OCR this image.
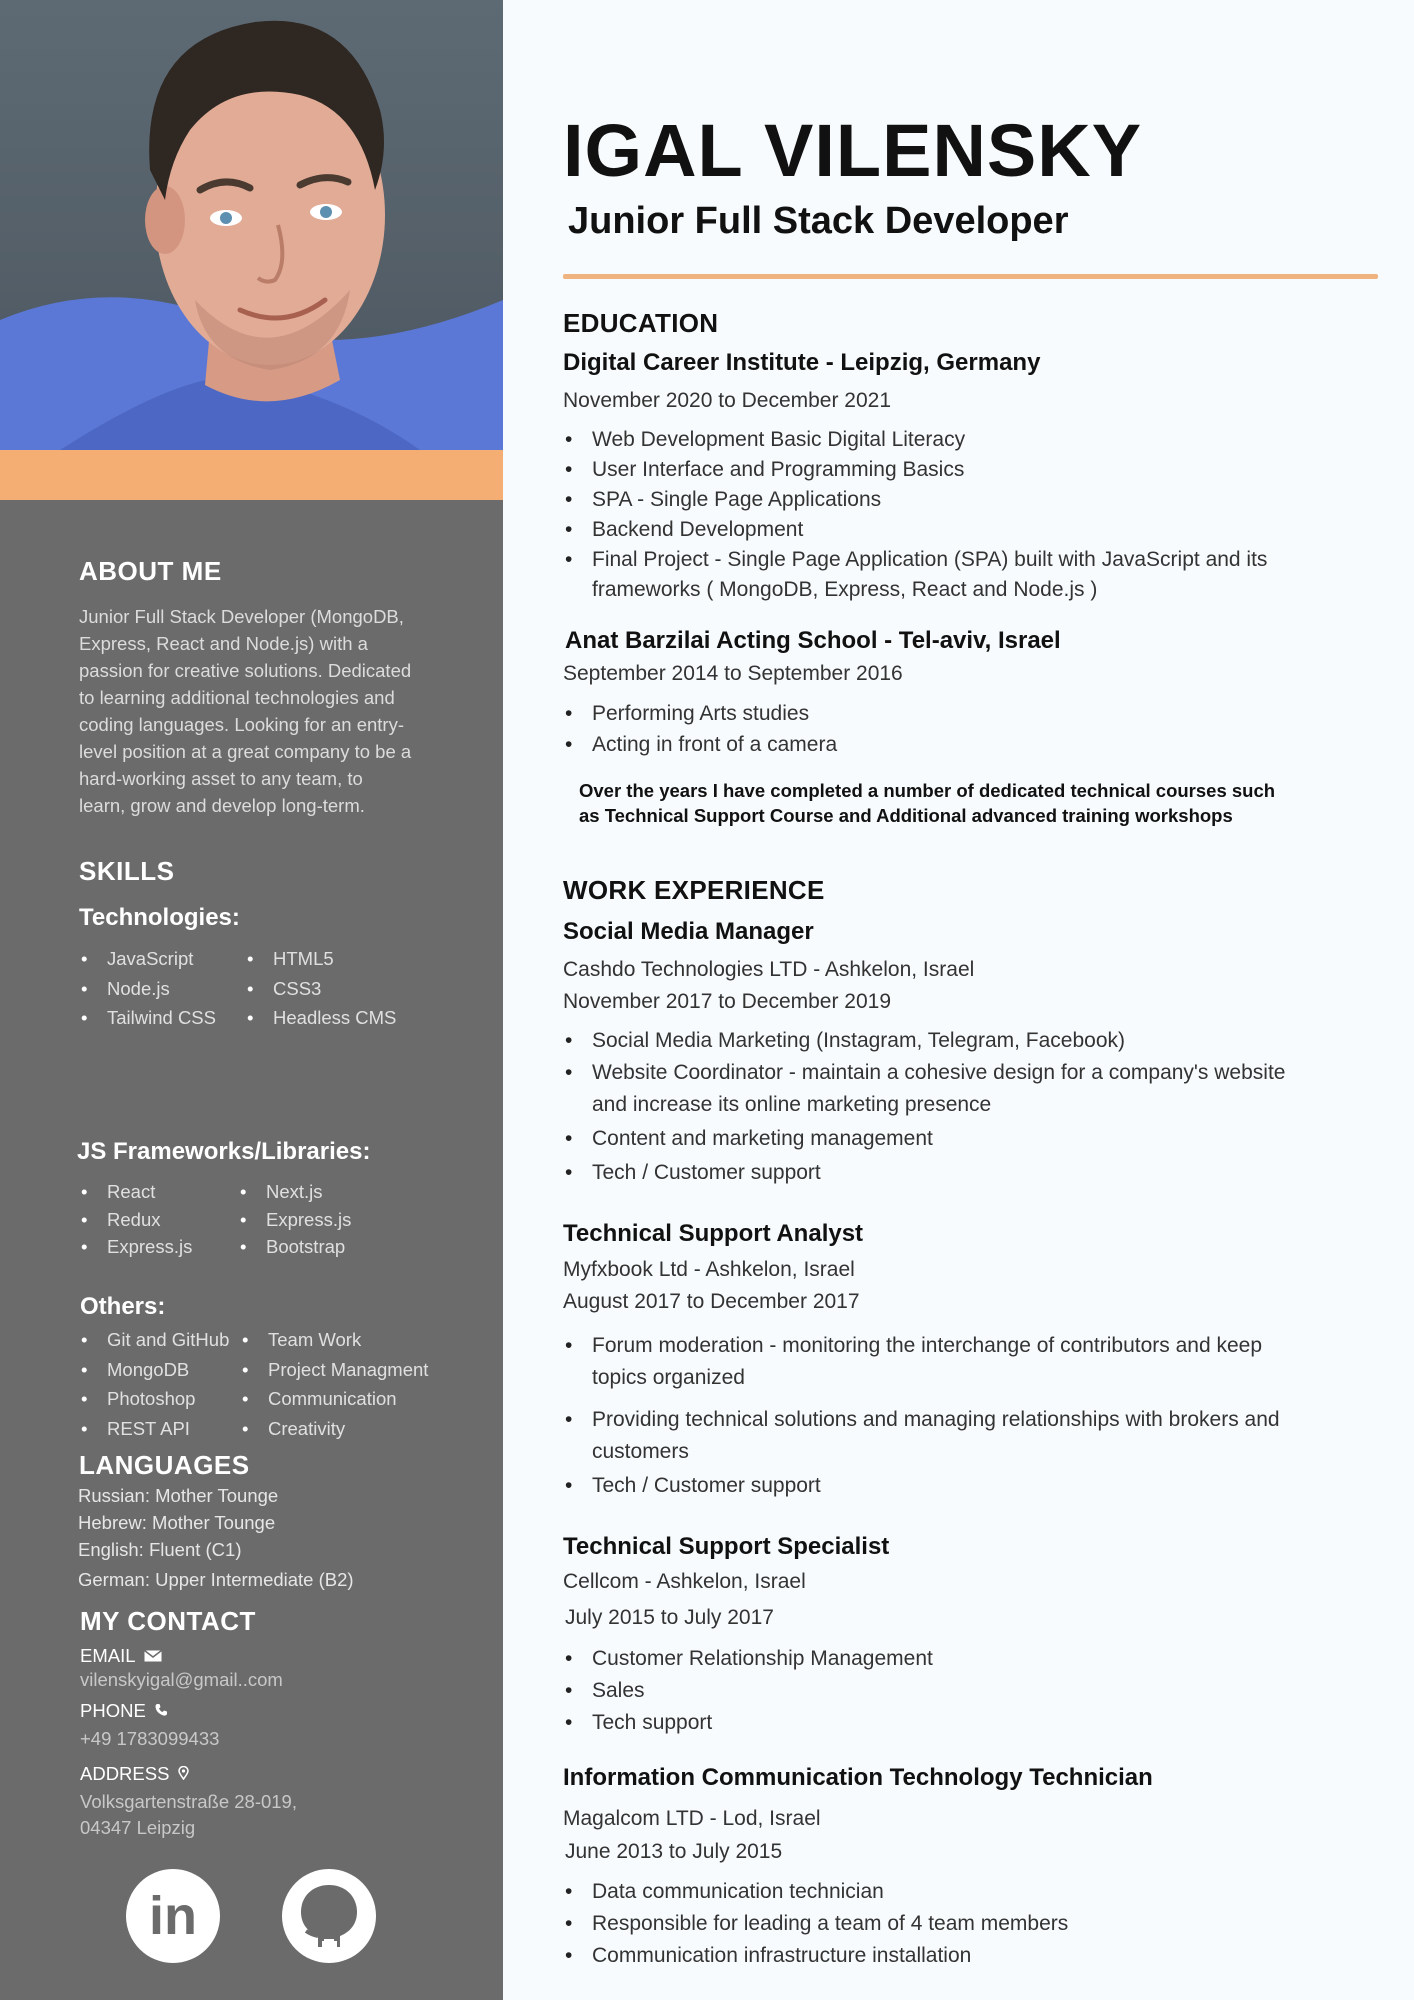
ABOUT ME
Junior Full Stack Developer (MongoDB,
Express, React and Node.js) with a
passion for creative solutions. Dedicated
to learning additional technologies and
coding languages. Looking for an entry-
level position at a great company to be a
hard-working asset to any team, to
learn, grow and develop long-term.
SKILLS
Technologies:
• JavaScript
• Node.js
• Tailwind CSS
• HTML5
• CSS3
• Headless CMS
JS Frameworks/Libraries:
• React
• Redux
• Express.js
• Next.js
• Express.js
• Bootstrap
Others:
• Git and GitHub
• MongoDB
• Photoshop
• REST API
• Team Work
• Project Managment
• Communication
• Creativity
LANGUAGES
Russian: Mother Tounge
Hebrew: Mother Tounge
English: Fluent (C1)
German: Upper Intermediate (B2)
MY CONTACT
EMAIL
vilenskyigal@gmail..com
PHONE
+49 1783099433
ADDRESS
Volksgartenstraße 28-019,
04347 Leipzig
in
IGAL VILENSKY
Junior Full Stack Developer
EDUCATION
Digital Career Institute - Leipzig, Germany

November 2020 to December 2021

• Web Development Basic Digital Literacy
• User Interface and Programming Basics
• SPA - Single Page Applications
• Backend Development
• Final Project - Single Page Application (SPA) built with JavaScript and its frameworks ( MongoDB, Express, React and Node.js )
Anat Barzilai Acting School - Tel-aviv, Israel

September 2014 to September 2016

• Performing Arts studies
• Acting in front of a camera
Over the years I have completed a number of dedicated technical courses such
as Technical Support Course and Additional advanced training workshops
WORK EXPERIENCE
Social Media Manager

Cashdo Technologies LTD - Ashkelon, Israel

November 2017 to December 2019

• Social Media Marketing (Instagram, Telegram, Facebook)
• Website Coordinator - maintain a cohesive design for a company's website and increase its online marketing presence
• Content and marketing management
• Tech / Customer support
Technical Support Analyst

Myfxbook Ltd - Ashkelon, Israel

August 2017 to December 2017

• Forum moderation - monitoring the interchange of contributors and keep topics organized
• Providing technical solutions and managing relationships with brokers and customers
• Tech / Customer support
Technical Support Specialist

Cellcom - Ashkelon, Israel

July 2015 to July 2017

• Customer Relationship Management
• Sales
• Tech support
Information Communication Technology Technician

Magalcom LTD - Lod, Israel

June 2013 to July 2015

• Data communication technician
• Responsible for leading a team of 4 team members
• Communication infrastructure installation
